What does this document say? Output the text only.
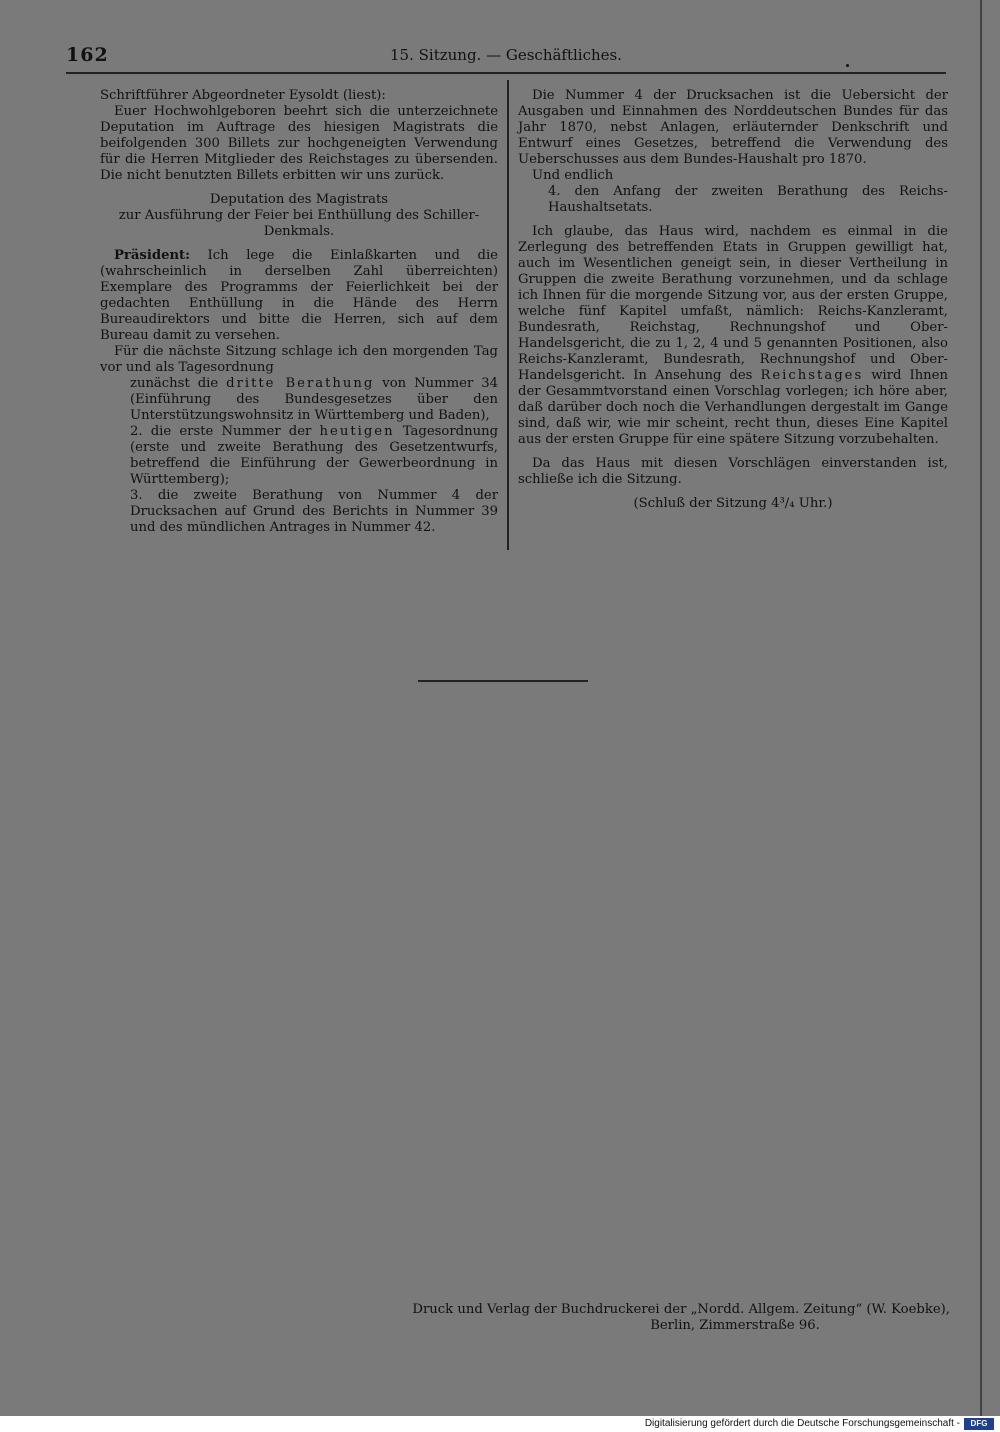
162	15. Sitzung. — Geschäftliches.

Schriftführer Abgeordneter Eysoldt (liest):

Euer Hochwohlgeboren beehrt sich die unterzeichnete Deputation im Auftrage des hiesigen Magistrats die beifolgenden 300 Billets zur hochgeneigten Verwendung für die Herren Mitglieder des Reichstages zu übersenden. Die nicht benutzten Billets erbitten wir uns zurück.

Deputation des Magistrats

zur Ausführung der Feier bei Enthüllung des Schiller-Denkmals.

Präsident: Ich lege die Einlaßkarten und die (wahrscheinlich in derselben Zahl überreichten) Exemplare des Programms der Feierlichkeit bei der gedachten Enthüllung in die Hände des Herrn Bureaudirektors und bitte die Herren, sich auf dem Bureau damit zu versehen.

Für die nächste Sitzung schlage ich den morgenden Tag vor und als Tagesordnung

zunächst die dritte Berathung von Nummer 34 (Einführung des Bundesgesetzes über den Unterstützungswohnsitz in Württemberg und Baden),

2. die erste Nummer der heutigen Tagesordnung (erste und zweite Berathung des Gesetzentwurfs, betreffend die Einführung der Gewerbeordnung in Württemberg);

3. die zweite Berathung von Nummer 4 der Drucksachen auf Grund des Berichts in Nummer 39 und des mündlichen Antrages in Nummer 42.

Die Nummer 4 der Drucksachen ist die Uebersicht der Ausgaben und Einnahmen des Norddeutschen Bundes für das Jahr 1870, nebst Anlagen, erläuternder Denkschrift und Entwurf eines Gesetzes, betreffend die Verwendung des Ueberschusses aus dem Bundes-Haushalt pro 1870.

Und endlich

4. den Anfang der zweiten Berathung des Reichs-Haushaltsetats.

Ich glaube, das Haus wird, nachdem es einmal in die Zerlegung des betreffenden Etats in Gruppen gewilligt hat, auch im Wesentlichen geneigt sein, in dieser Vertheilung in Gruppen die zweite Berathung vorzunehmen, und da schlage ich Ihnen für die morgende Sitzung vor, aus der ersten Gruppe, welche fünf Kapitel umfaßt, nämlich: Reichs-Kanzleramt, Bundesrath, Reichstag, Rechnungshof und Ober-Handelsgericht, die zu 1, 2, 4 und 5 genannten Positionen, also Reichs-Kanzleramt, Bundesrath, Rechnungshof und Ober-Handelsgericht. In Ansehung des Reichstages wird Ihnen der Gesammtvorstand einen Vorschlag vorlegen; ich höre aber, daß darüber doch noch die Verhandlungen dergestalt im Gange sind, daß wir, wie mir scheint, recht thun, dieses Eine Kapitel aus der ersten Gruppe für eine spätere Sitzung vorzubehalten.

Da das Haus mit diesen Vorschlägen einverstanden ist, schließe ich die Sitzung.

(Schluß der Sitzung 4³/₄ Uhr.)

Druck und Verlag der Buchdruckerei der „Nordd. Allgem. Zeitung“ (W. Koebke),

Berlin, Zimmerstraße 96.

Digitalisierung gefördert durch die Deutsche Forschungsgemeinschaft -	DFG
